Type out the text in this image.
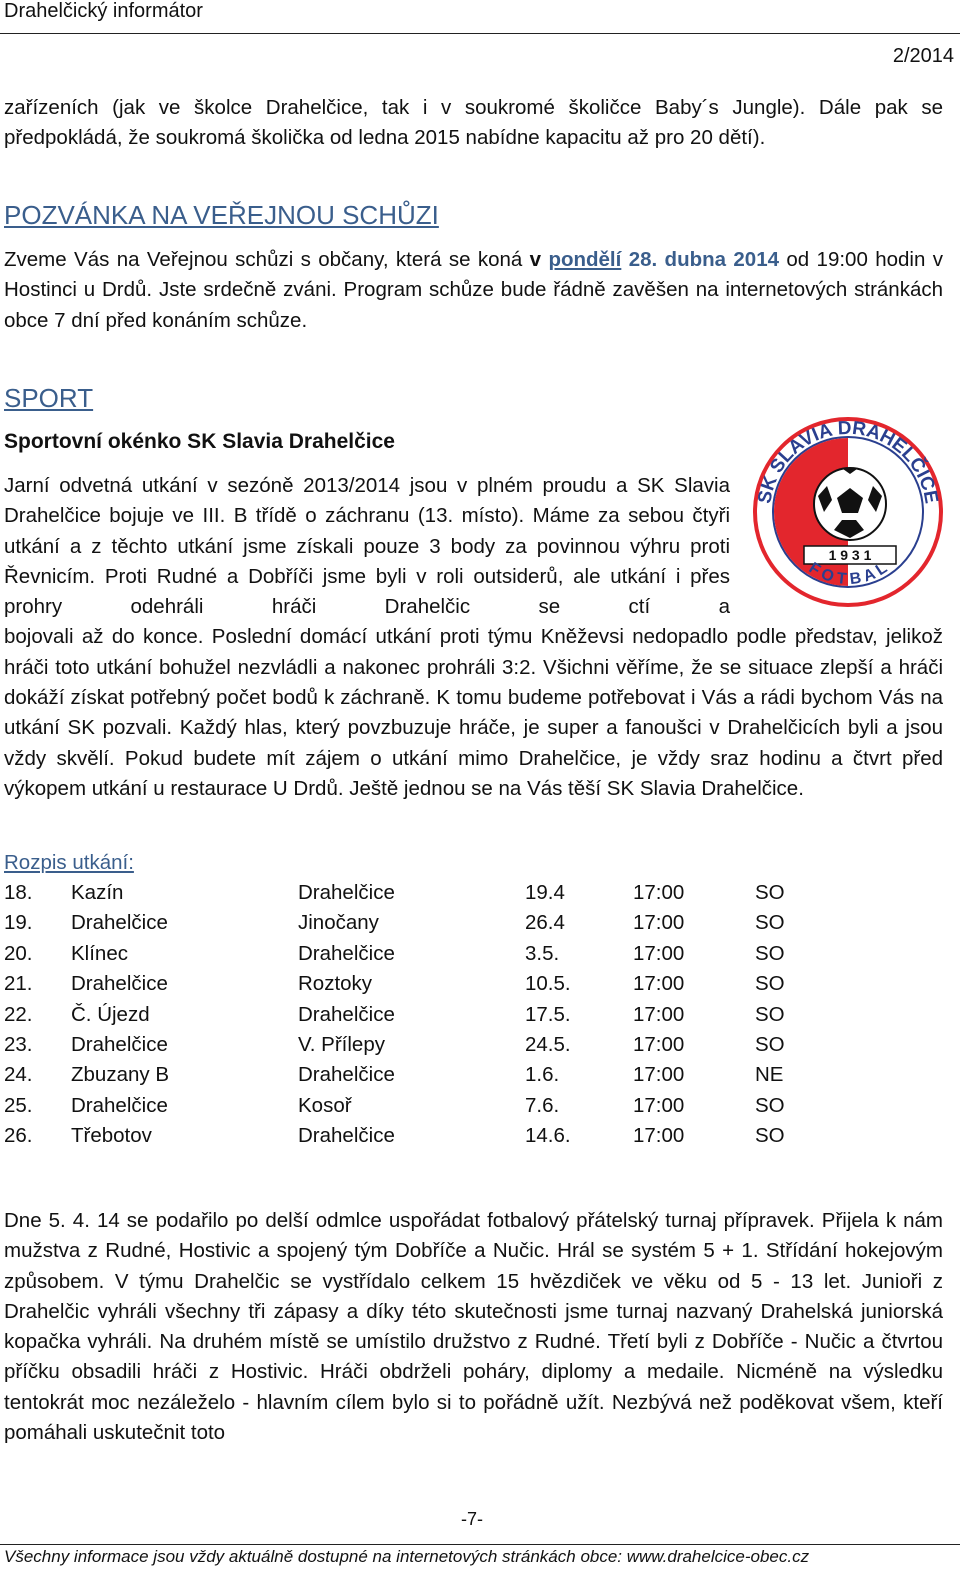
Drahelčický informátor
2/2014

zařízeních (jak ve školce Drahelčice, tak i v soukromé školičce Baby´s Jungle). Dále pak se předpokládá, že soukromá školička od ledna 2015 nabídne kapacitu až pro 20 dětí).

POZVÁNKA NA VEŘEJNOU SCHŮZI

Zveme Vás na Veřejnou schůzi s občany, která se koná v pondělí 28. dubna 2014 od 19:00 hodin v Hostinci u Drdů. Jste srdečně zváni. Program schůze bude řádně zavěšen na internetových stránkách obce 7 dní před konáním schůze.

SPORT
Sportovní okénko SK Slavia Drahelčice
SK SLAVIA DRAHELČICE
1 9 3 1
F O T B A L

Jarní odvetná utkání v sezóně 2013/2014 jsou v plném proudu a SK Slavia Drahelčice bojuje ve III. B třídě o záchranu (13. místo). Máme za sebou čtyři utkání a z těchto utkání jsme získali pouze 3 body za povinnou výhru proti Řevnicím. Proti Rudné a Dobříči jsme byli v roli outsiderů, ale utkání i přes prohry odehráli hráči Drahelčic se ctí a
bojovali až do konce. Poslední domácí utkání proti týmu Kněževsi nedopadlo podle představ, jelikož hráči toto utkání bohužel nezvládli a nakonec prohráli 3:2. Všichni věříme, že se situace zlepší a hráči dokáží získat potřebný počet bodů k záchraně. K tomu budeme potřebovat i Vás a rádi bychom Vás na utkání SK pozvali. Každý hlas, který povzbuzuje hráče, je super a fanoušci v Drahelčicích byli a jsou vždy skvělí. Pokud budete mít zájem o utkání mimo Drahelčice, je vždy sraz hodinu a čtvrt před výkopem utkání u restaurace U Drdů. Ještě jednou se na Vás těší SK Slavia Drahelčice.

Rozpis utkání:
18. Kazín	Drahelčice	19.4	17:00	SO
19. Drahelčice	Jinočany	26.4	17:00	SO
20. Klínec	Drahelčice	3.5.	17:00	SO
21. Drahelčice	Roztoky	10.5.	17:00	SO
22. Č. Újezd	Drahelčice	17.5.	17:00	SO
23. Drahelčice	V. Přílepy	24.5.	17:00	SO
24. Zbuzany B	Drahelčice	1.6.	17:00	NE
25. Drahelčice	Kosoř	7.6.	17:00	SO
26. Třebotov	Drahelčice	14.6.	17:00	SO

Dne 5. 4. 14 se podařilo po delší odmlce uspořádat fotbalový přátelský turnaj přípravek. Přijela k nám mužstva z Rudné, Hostivic a spojený tým Dobříče a Nučic. Hrál se systém 5 + 1. Střídání hokejovým způsobem. V týmu Drahelčic se vystřídalo celkem 15 hvězdiček ve věku od 5 - 13 let. Junioři z Drahelčic vyhráli všechny tři zápasy a díky této skutečnosti jsme turnaj nazvaný Drahelská juniorská kopačka vyhráli. Na druhém místě se umístilo družstvo z Rudné. Třetí byli z Dobříče - Nučic a čtvrtou příčku obsadili hráči z Hostivic. Hráči obdrželi poháry, diplomy a medaile. Nicméně na výsledku tentokrát moc nezáleželo - hlavním cílem bylo si to pořádně užít. Nezbývá než poděkovat všem, kteří pomáhali uskutečnit toto

-7-
Všechny informace jsou vždy aktuálně dostupné na internetových stránkách obce: www.drahelcice-obec.cz
